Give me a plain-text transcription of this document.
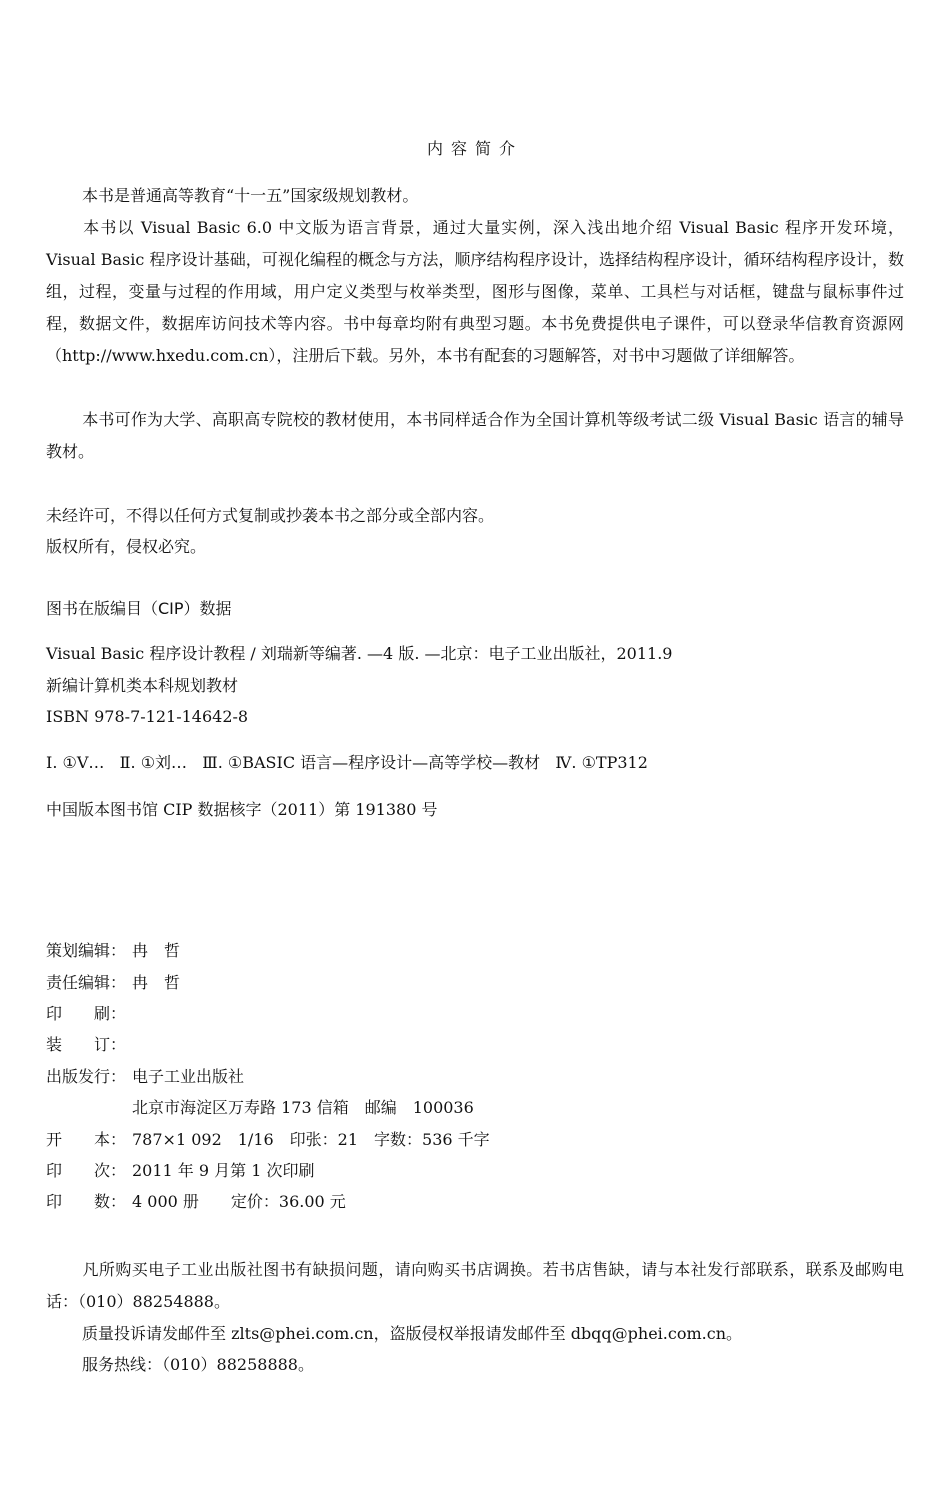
内容简介
本书是普通高等教育“十一五”国家级规划教材。
本书以 Visual Basic 6.0 中文版为语言背景，通过大量实例，深入浅出地介绍 Visual Basic 程序开发环境，Visual Basic 程序设计基础，可视化编程的概念与方法，顺序结构程序设计，选择结构程序设计，循环结构程序设计，数组，过程，变量与过程的作用域，用户定义类型与枚举类型，图形与图像，菜单、工具栏与对话框，键盘与鼠标事件过程，数据文件，数据库访问技术等内容。书中每章均附有典型习题。本书免费提供电子课件，可以登录华信教育资源网（http://www.hxedu.com.cn），注册后下载。另外，本书有配套的习题解答，对书中习题做了详细解答。
本书可作为大学、高职高专院校的教材使用，本书同样适合作为全国计算机等级考试二级 Visual Basic 语言的辅导教材。
未经许可，不得以任何方式复制或抄袭本书之部分或全部内容。
版权所有，侵权必究。
图书在版编目（CIP）数据
Visual Basic 程序设计教程 / 刘瑞新等编著. —4 版. —北京：电子工业出版社，2011.9
新编计算机类本科规划教材
ISBN 978-7-121-14642-8
I. ①V…   Ⅱ. ①刘…   Ⅲ. ①BASIC 语言—程序设计—高等学校—教材   Ⅳ. ①TP312
中国版本图书馆 CIP 数据核字（2011）第 191380 号
策划编辑： 冉　哲
责任编辑： 冉　哲
印　　刷：
装　　订：
出版发行： 电子工业出版社
北京市海淀区万寿路 173 信箱　邮编　100036
开　　本： 787×1 092　1/16　印张：21　字数：536 千字
印　　次： 2011 年 9 月第 1 次印刷
印　　数： 4 000 册　　定价：36.00 元
凡所购买电子工业出版社图书有缺损问题，请向购买书店调换。若书店售缺，请与本社发行部联系，联系及邮购电话：（010）88254888。
质量投诉请发邮件至 zlts@phei.com.cn，盗版侵权举报请发邮件至 dbqq@phei.com.cn。
服务热线：（010）88258888。
